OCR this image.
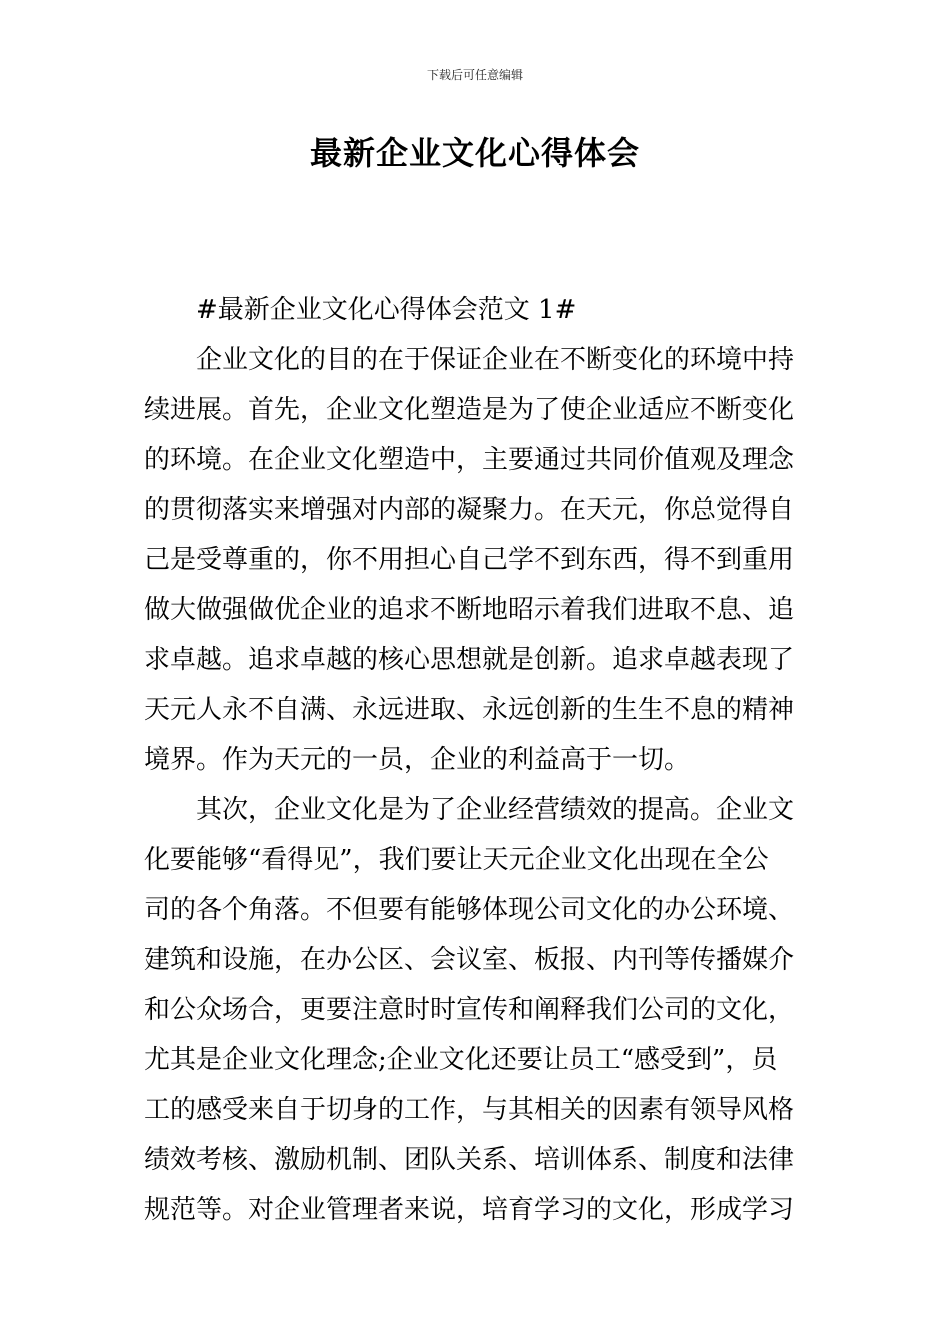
下载后可任意编辑
最新企业文化心得体会
#最新企业文化心得体会范文 1#
企业文化的目的在于保证企业在不断变化的环境中持
续进展。首先，企业文化塑造是为了使企业适应不断变化
的环境。在企业文化塑造中，主要通过共同价值观及理念
的贯彻落实来增强对内部的凝聚力。在天元，你总觉得自
己是受尊重的，你不用担心自己学不到东西，得不到重用
做大做强做优企业的追求不断地昭示着我们进取不息、追
求卓越。追求卓越的核心思想就是创新。追求卓越表现了
天元人永不自满、永远进取、永远创新的生生不息的精神
境界。作为天元的一员，企业的利益高于一切。
其次，企业文化是为了企业经营绩效的提高。企业文
化要能够“看得见”，我们要让天元企业文化出现在全公
司的各个角落。不但要有能够体现公司文化的办公环境、
建筑和设施，在办公区、会议室、板报、内刊等传播媒介
和公众场合，更要注意时时宣传和阐释我们公司的文化，
尤其是企业文化理念;企业文化还要让员工“感受到”，员
工的感受来自于切身的工作，与其相关的因素有领导风格
绩效考核、激励机制、团队关系、培训体系、制度和法律
规范等。对企业管理者来说，培育学习的文化，形成学习
